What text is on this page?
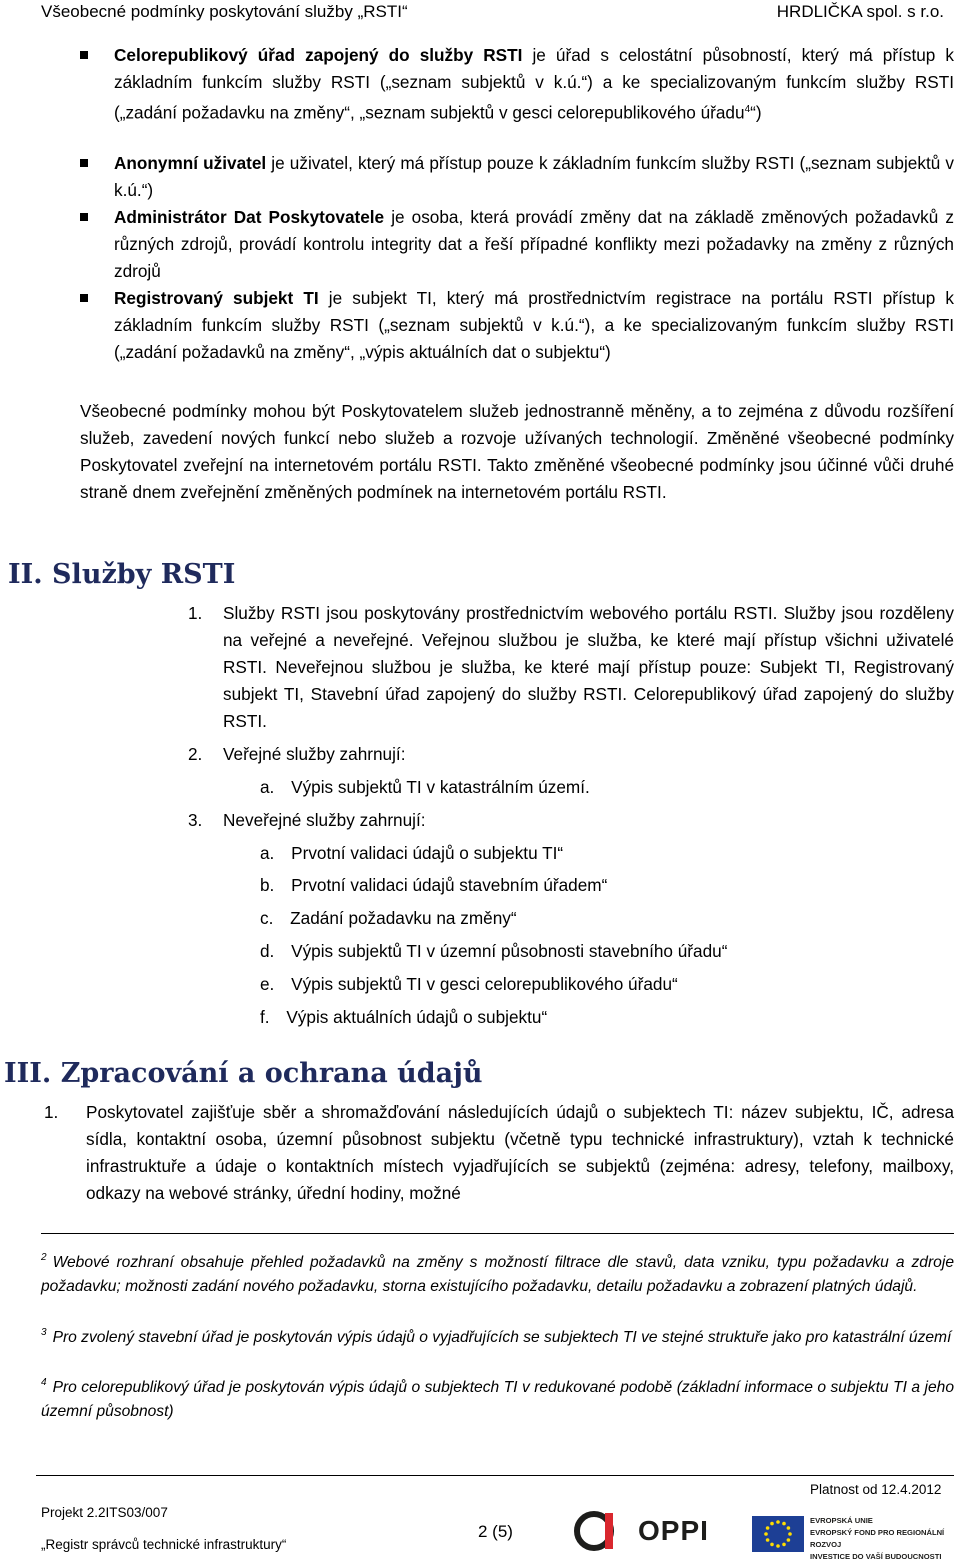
Všeobecné podmínky poskytování služby „RSTI“	HRDLIČKA spol. s r.o.
Celorepublikový úřad zapojený do služby RSTI je úřad s celostátní působností, který má přístup k základním funkcím služby RSTI („seznam subjektů v k.ú.“) a ke specializovaným funkcím služby RSTI („zadání požadavku na změny“, „seznam subjektů v gesci celorepublikového úřadu$^4$“)
Anonymní uživatel je uživatel, který má přístup pouze k základním funkcím služby RSTI („seznam subjektů v k.ú.“)
Administrátor Dat Poskytovatele je osoba, která provádí změny dat na základě změnových požadavků z různých zdrojů, provádí kontrolu integrity dat a řeší případné konflikty mezi požadavky na změny z různých zdrojů
Registrovaný subjekt TI je subjekt TI, který má prostřednictvím registrace na portálu RSTI přístup k základním funkcím služby RSTI („seznam subjektů v k.ú.“), a ke specializovaným funkcím služby RSTI („zadání požadavků na změny“, „výpis aktuálních dat o subjektu“)
Všeobecné podmínky mohou být Poskytovatelem služeb jednostranně měněny, a to zejména z důvodu rozšíření služeb, zavedení nových funkcí nebo služeb a rozvoje užívaných technologií. Změněné všeobecné podmínky Poskytovatel zveřejní na internetovém portálu RSTI. Takto změněné všeobecné podmínky jsou účinné vůči druhé straně dnem zveřejnění změněných podmínek na internetovém portálu RSTI.
II. Služby RSTI
1. Služby RSTI jsou poskytovány prostřednictvím webového portálu RSTI. Služby jsou rozděleny na veřejné a neveřejné. Veřejnou službou je služba, ke které mají přístup všichni uživatelé RSTI. Neveřejnou službou je služba, ke které mají přístup pouze: Subjekt TI, Registrovaný subjekt TI, Stavební úřad zapojený do služby RSTI. Celorepublikový úřad zapojený do služby RSTI.
2. Veřejné služby zahrnují:
a. Výpis subjektů TI v katastrálním území.
3. Neveřejné služby zahrnují:
a. Prvotní validaci údajů o subjektu TI“
b. Prvotní validaci údajů stavebním úřadem“
c. Zadání požadavku na změny“
d. Výpis subjektů TI v územní působnosti stavebního úřadu“
e. Výpis subjektů TI v gesci celorepublikového úřadu“
f. Výpis aktuálních údajů o subjektu“
III. Zpracování a ochrana údajů
1. Poskytovatel zajišťuje sběr a shromažďování následujících údajů o subjektech TI: název subjektu, IČ, adresa sídla, kontaktní osoba, územní působnost subjektu (včetně typu technické infrastruktury), vztah k technické infrastruktuře a údaje o kontaktních místech vyjadřujících se subjektů (zejména: adresy, telefony, mailboxy, odkazy na webové stránky, úřední hodiny, možné
$^2$ Webové rozhraní obsahuje přehled požadavků na změny s možností filtrace dle stavů, data vzniku, typu požadavku a zdroje požadavku; možnosti zadání nového požadavku, storna existujícího požadavku, detailu požadavku a zobrazení platných údajů.
$^3$ Pro zvolený stavební úřad je poskytován výpis údajů o vyjadřujících se subjektech TI ve stejné struktuře jako pro katastrální území
$^4$ Pro celorepublikový úřad je poskytován výpis údajů o subjektech TI v redukované podobě (základní informace o subjektu TI a jeho územní působnost)
Platnost od 12.4.2012
Projekt 2.2ITS03/007
„Registr správců technické infrastruktury“
2 (5)	OPPI	EVROPSKÁ UNIE
EVROPSKÝ FOND PRO REGIONÁLNÍ ROZVOJ
INVESTICE DO VAŠÍ BUDOUCNOSTI
